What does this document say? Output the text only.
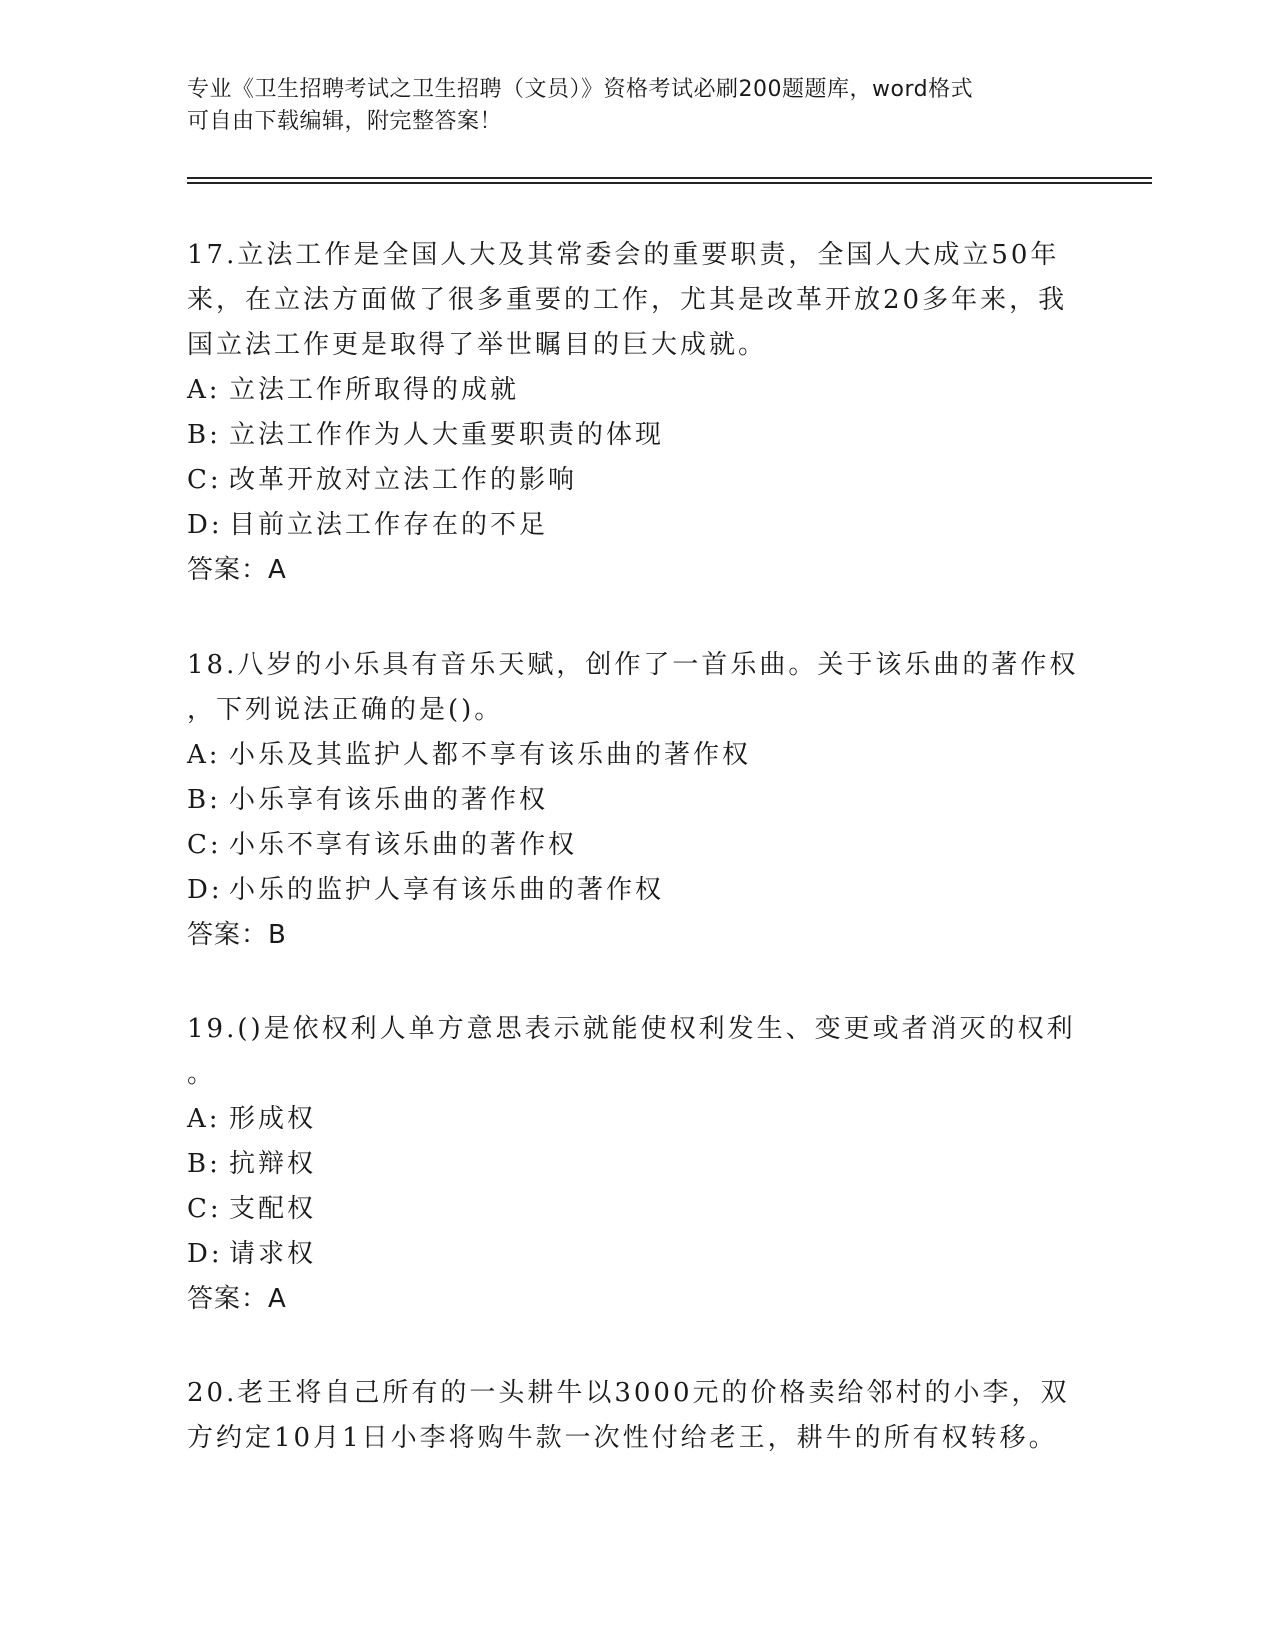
专业《卫生招聘考试之卫生招聘（文员）》资格考试必刷200题题库，word格式
可自由下载编辑，附完整答案！
17.立法工作是全国人大及其常委会的重要职责，全国人大成立50年
来，在立法方面做了很多重要的工作，尤其是改革开放20多年来，我
国立法工作更是取得了举世瞩目的巨大成就。
A: 立法工作所取得的成就
B: 立法工作作为人大重要职责的体现
C: 改革开放对立法工作的影响
D: 目前立法工作存在的不足
答案：A
18.八岁的小乐具有音乐天赋，创作了一首乐曲。关于该乐曲的著作权
，下列说法正确的是()。
A: 小乐及其监护人都不享有该乐曲的著作权
B: 小乐享有该乐曲的著作权
C: 小乐不享有该乐曲的著作权
D: 小乐的监护人享有该乐曲的著作权
答案：B
19.()是依权利人单方意思表示就能使权利发生、变更或者消灭的权利
。
A: 形成权
B: 抗辩权
C: 支配权
D: 请求权
答案：A
20.老王将自己所有的一头耕牛以3000元的价格卖给邻村的小李，双
方约定10月1日小李将购牛款一次性付给老王，耕牛的所有权转移。
